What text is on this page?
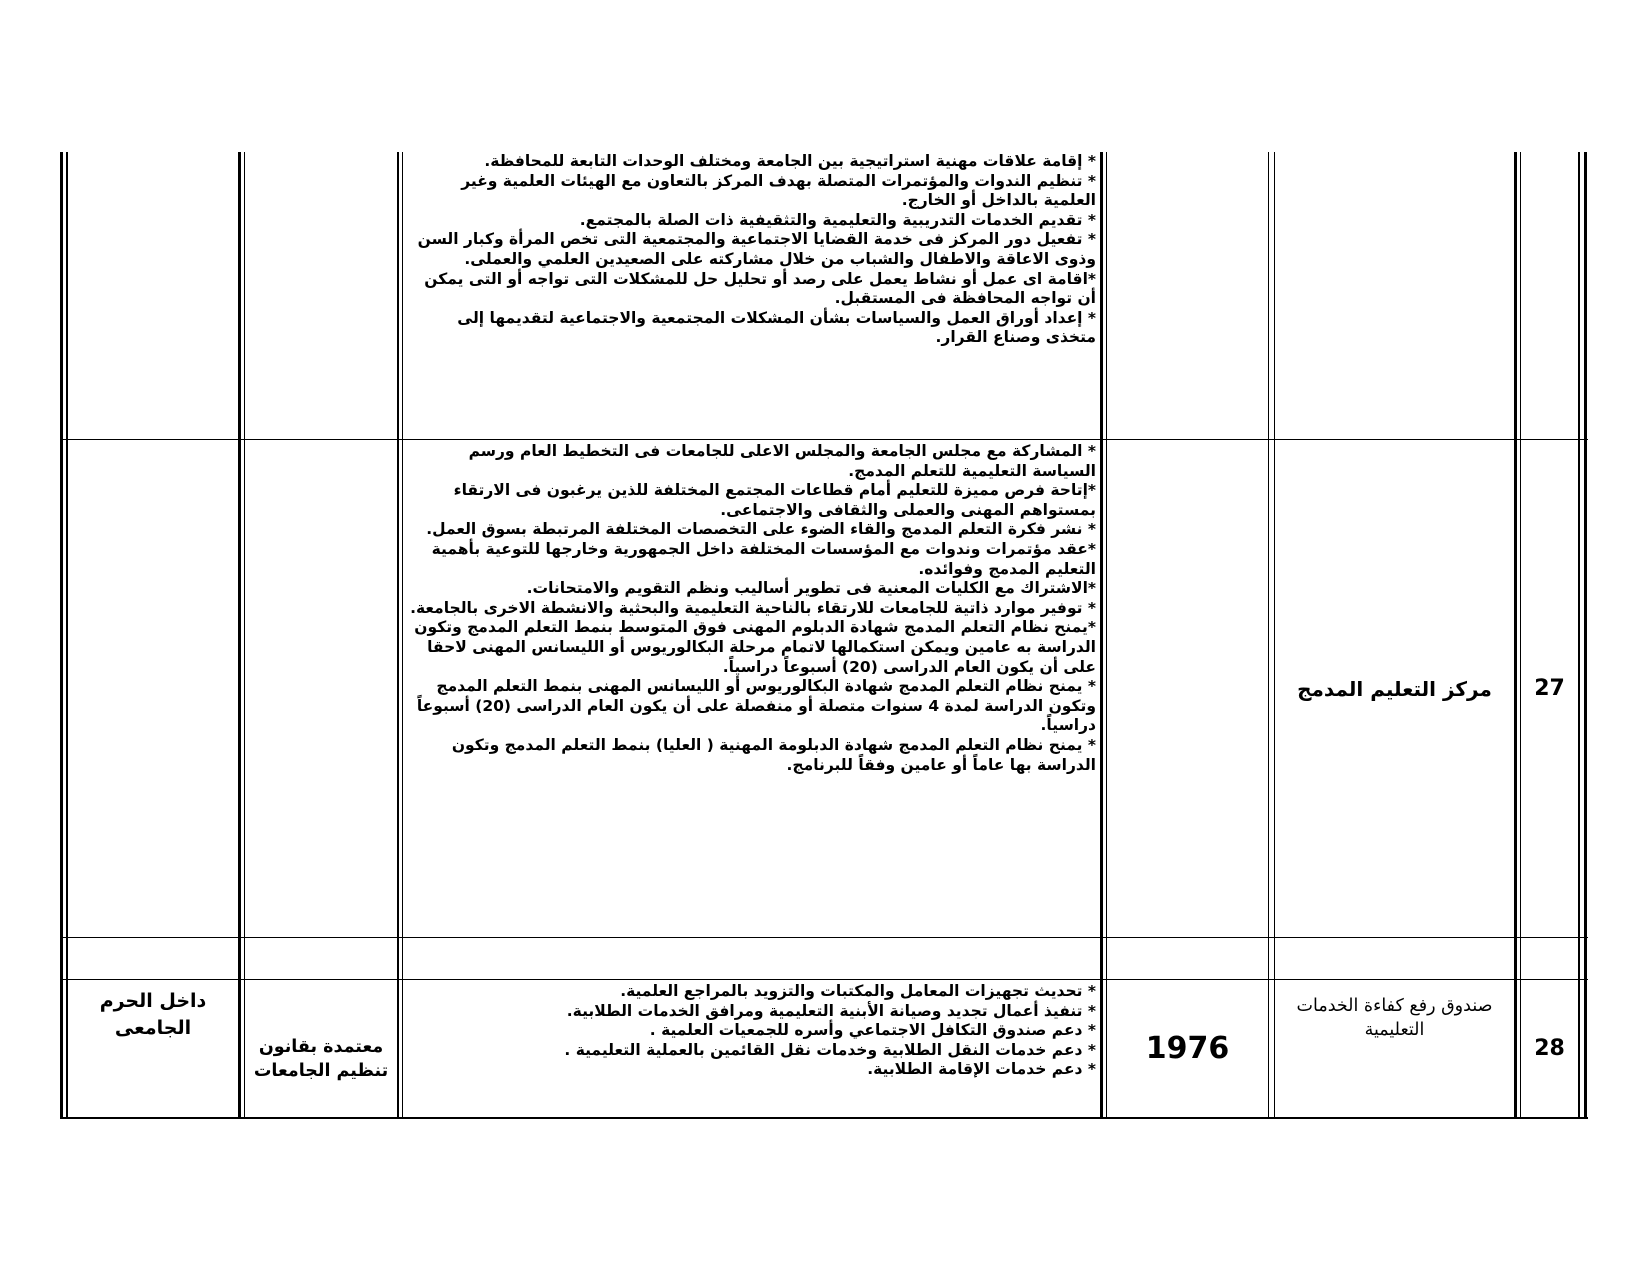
* إقامة علاقات مهنية استراتيجية بين الجامعة ومختلف الوحدات التابعة للمحافظة.

* تنظيم الندوات والمؤتمرات المتصلة بهدف المركز بالتعاون مع الهيئات العلمية وغير العلمية بالداخل أو الخارج.

* تقديم الخدمات التدريبية والتعليمية والتثقيفية ذات الصلة بالمجتمع.

* تفعيل دور المركز فى خدمة القضايا الاجتماعية والمجتمعية التى تخص المرأة وكبار السن وذوى الاعاقة والاطفال والشباب من خلال مشاركته على الصعيدين العلمي والعملى.

*اقامة اى عمل أو نشاط يعمل على رصد أو تحليل حل للمشكلات التى تواجه أو التى يمكن أن تواجه المحافظة فى المستقبل.

* إعداد أوراق العمل والسياسات بشأن المشكلات المجتمعية والاجتماعية لتقديمها إلى متخذى وصناع القرار.

27
مركز التعليم المدمج

* المشاركة مع مجلس الجامعة والمجلس الاعلى للجامعات فى التخطيط العام ورسم السياسة التعليمية للتعلم المدمج.

*إتاحة فرص مميزة للتعليم أمام قطاعات المجتمع المختلفة للذين يرغبون فى الارتقاء بمستواهم المهنى والعملى والثقافى والاجتماعى.

* نشر فكرة التعلم المدمج والقاء الضوء على التخصصات المختلفة المرتبطة بسوق العمل.

*عقد مؤتمرات وندوات مع المؤسسات المختلفة داخل الجمهورية وخارجها للتوعية بأهمية التعليم المدمج وفوائده.

*الاشتراك مع الكليات المعنية فى تطوير أساليب ونظم التقويم والامتحانات.

* توفير موارد ذاتية للجامعات للارتقاء بالناحية التعليمية والبحثية والانشطة الاخرى بالجامعة.

*يمنح نظام التعلم المدمج شهادة الدبلوم المهنى فوق المتوسط بنمط التعلم المدمج وتكون الدراسة به عامين ويمكن استكمالها لاتمام مرحلة البكالوريوس أو الليسانس المهنى لاحقا على أن يكون العام الدراسى (20) أسبوعاً دراسياً.

* يمنح نظام التعلم المدمج شهادة البكالوريوس أو الليسانس المهنى بنمط التعلم المدمج وتكون الدراسة لمدة 4 سنوات متصلة أو منفصلة على أن يكون العام الدراسى (20) أسبوعاً دراسياً.

* يمنح نظام التعلم المدمج شهادة الدبلومة المهنية ( العليا) بنمط التعلم المدمج وتكون الدراسة بها عاماً أو عامين وفقاً للبرنامج.

28
صندوق رفع كفاءة الخدمات التعليمية
1976

* تحديث تجهيزات المعامل والمكتبات والتزويد بالمراجع العلمية.

* تنفيذ أعمال تجديد وصيانة الأبنية التعليمية ومرافق الخدمات الطلابية.

* دعم صندوق التكافل الاجتماعي وأسره للجمعيات العلمية .

* دعم خدمات النقل الطلابية وخدمات نقل القائمين بالعملية التعليمية .

* دعم خدمات الإقامة الطلابية.

معتمدة بقانون تنظيم الجامعات
داخل الحرم الجامعى
